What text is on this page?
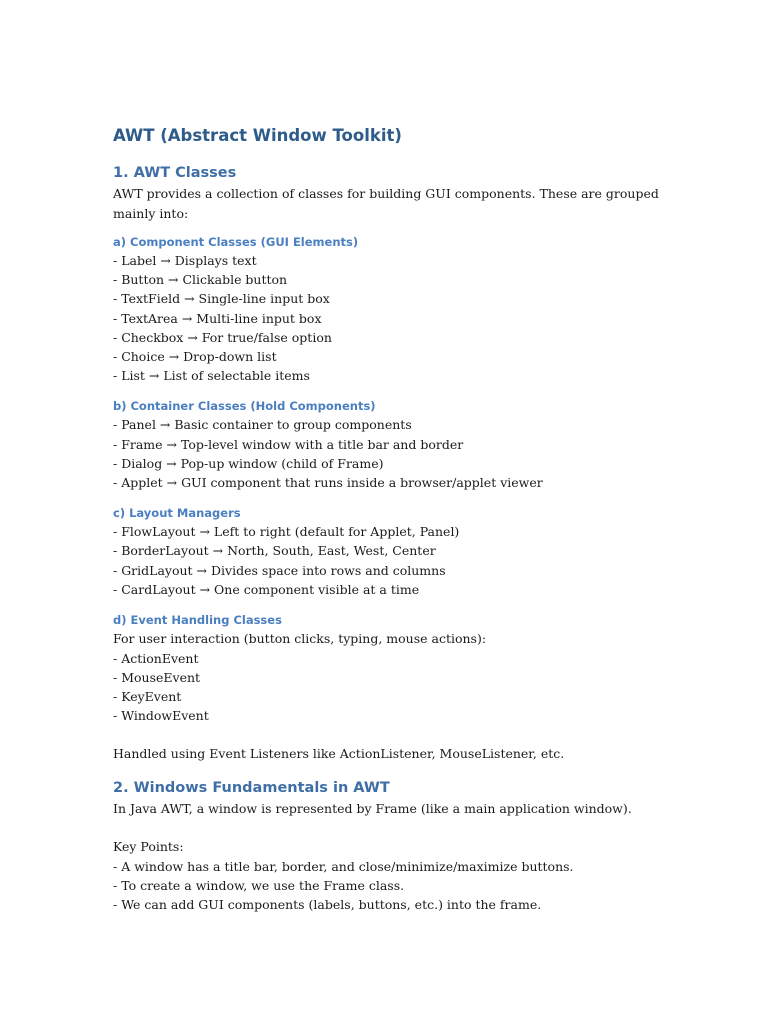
AWT (Abstract Window Toolkit)
1. AWT Classes

AWT provides a collection of classes for building GUI components. These are grouped mainly into:

a) Component Classes (GUI Elements)
- Label → Displays text
- Button → Clickable button
- TextField → Single-line input box
- TextArea → Multi-line input box
- Checkbox → For true/false option
- Choice → Drop-down list
- List → List of selectable items
b) Container Classes (Hold Components)
- Panel → Basic container to group components
- Frame → Top-level window with a title bar and border
- Dialog → Pop-up window (child of Frame)
- Applet → GUI component that runs inside a browser/applet viewer
c) Layout Managers
- FlowLayout → Left to right (default for Applet, Panel)
- BorderLayout → North, South, East, West, Center
- GridLayout → Divides space into rows and columns
- CardLayout → One component visible at a time
d) Event Handling Classes

For user interaction (button clicks, typing, mouse actions):

- ActionEvent
- MouseEvent
- KeyEvent
- WindowEvent

Handled using Event Listeners like ActionListener, MouseListener, etc.

2. Windows Fundamentals in AWT

In Java AWT, a window is represented by Frame (like a main application window).

Key Points:

- A window has a title bar, border, and close/minimize/maximize buttons.
- To create a window, we use the Frame class.
- We can add GUI components (labels, buttons, etc.) into the frame.
